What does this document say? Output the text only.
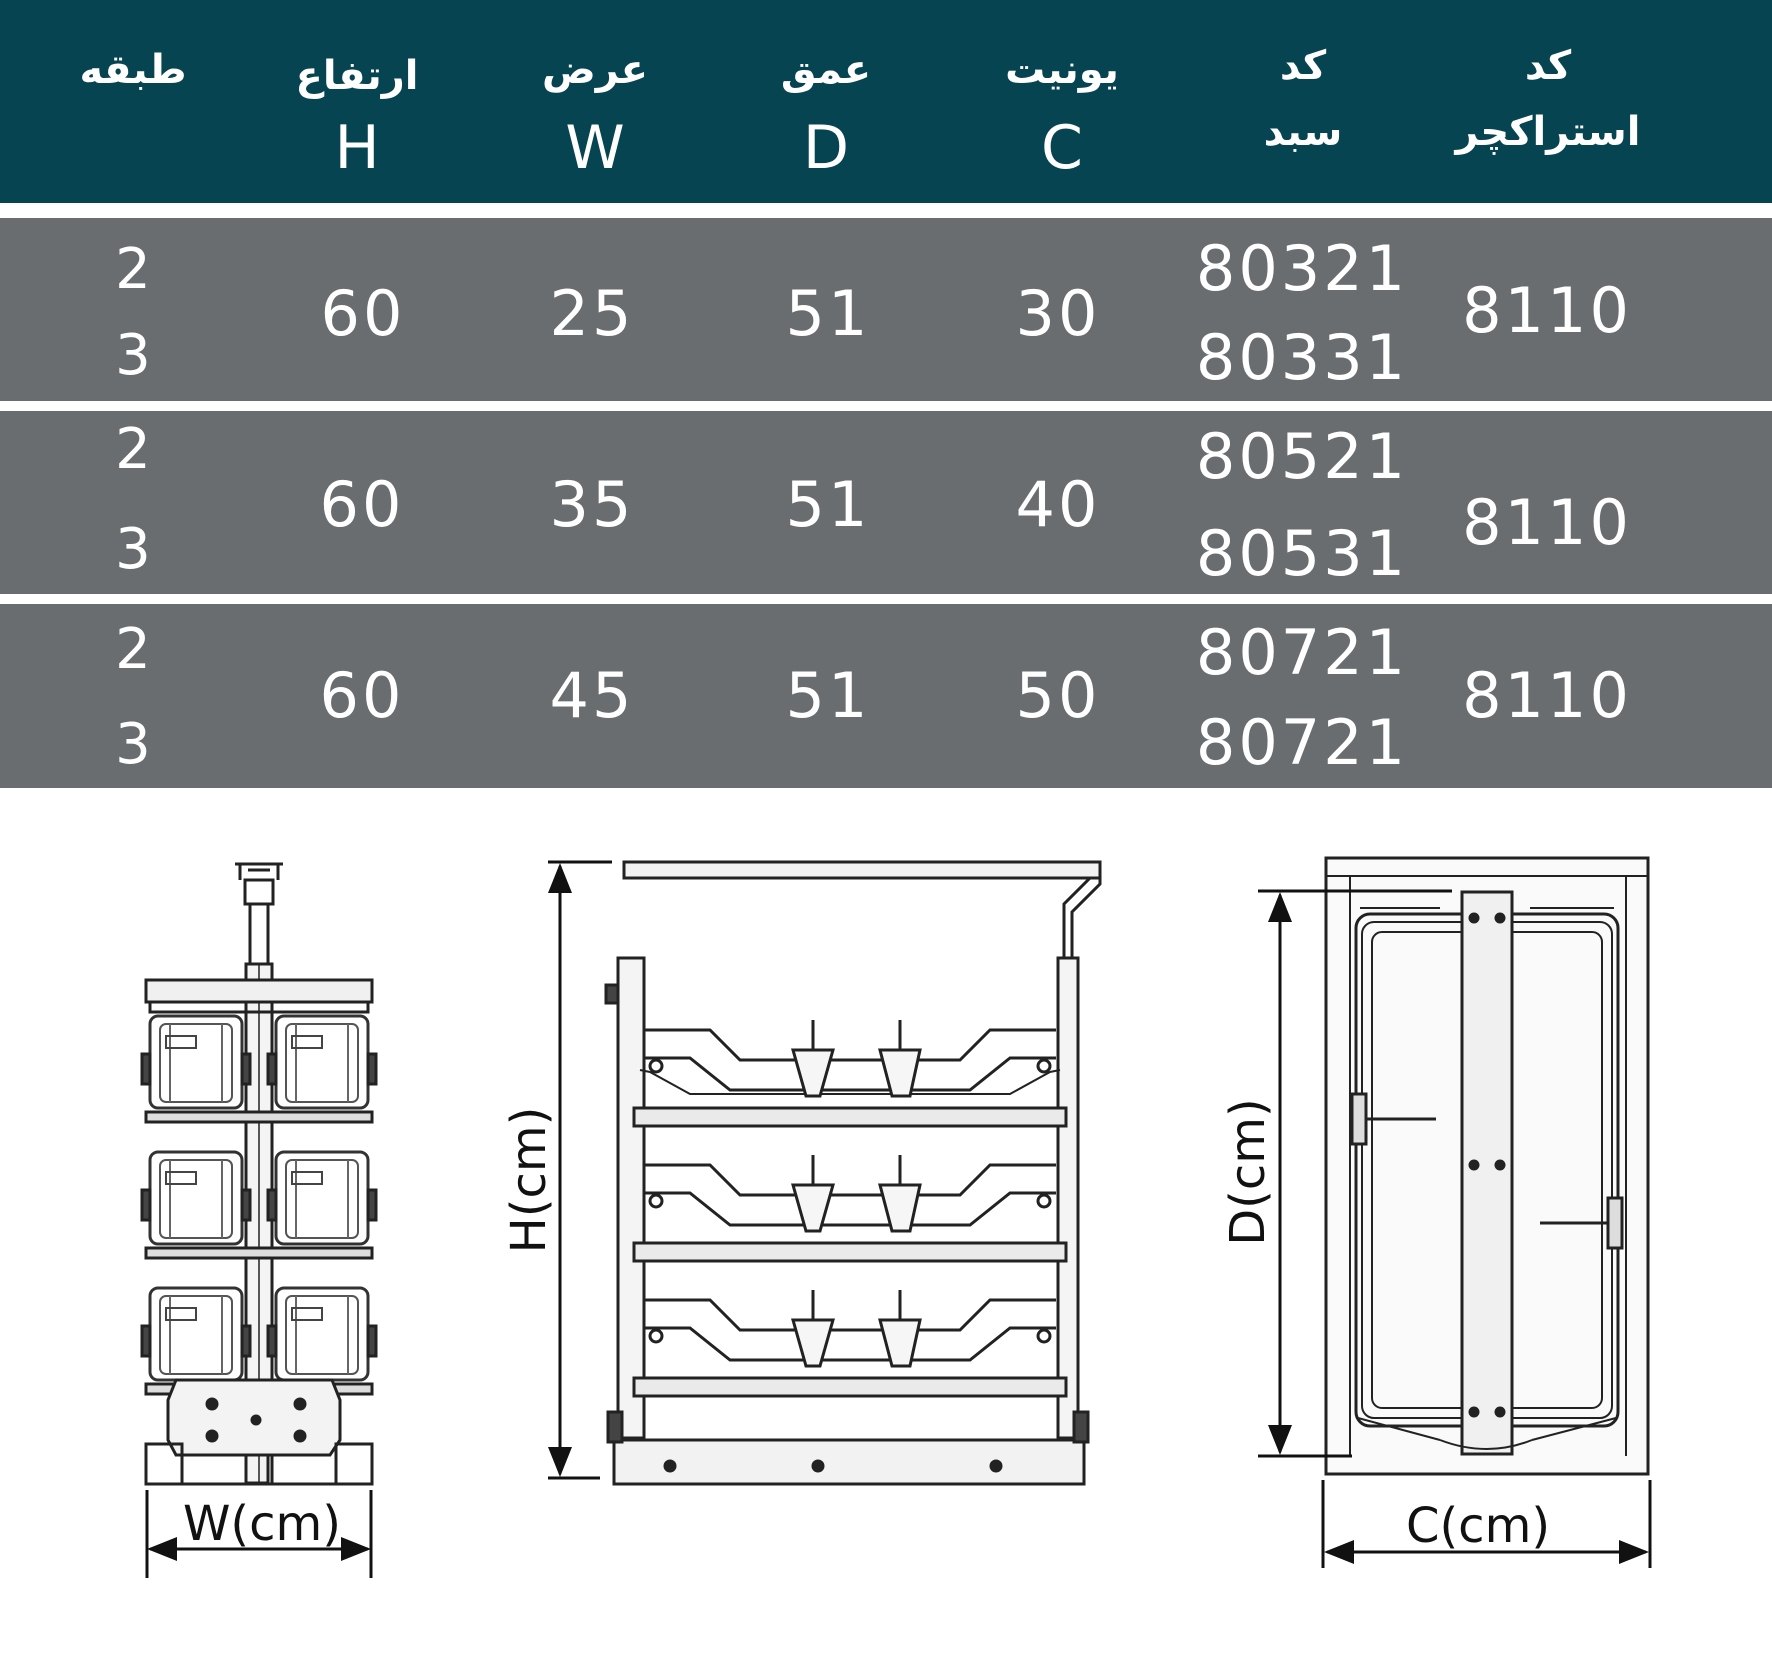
طبقه	ارتفاع
H
عرض
W
عمق
D
یونیت
C
کد
سبد
کد
استراکچر
2
3
60 25 51 30
80321
80331
8110
2
3
60 35 51 40
80521
80531 8110
2
3
60 45 51 50
80721
80721
8110
W(cm)
H(cm)	D(cm)
C(cm)
